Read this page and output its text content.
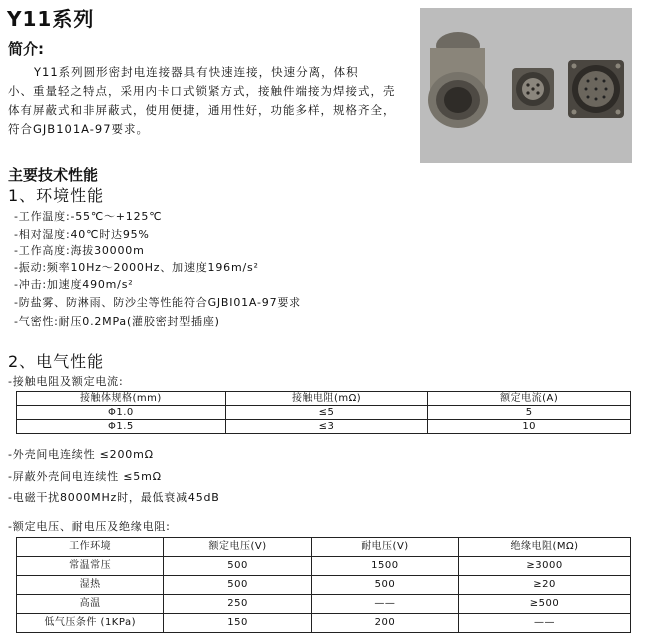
Y11系列
简介:
Y11系列圆形密封电连接器具有快速连接，快速分离，体积
小、重量轻之特点，采用内卡口式锁紧方式，接触件端接为焊接式，壳
体有屏蔽式和非屏蔽式，使用便捷，通用性好，功能多样，规格齐全，
符合GJB101A-97要求。
主要技术性能
1、环境性能
-工作温度:-55℃～+125℃
-相对湿度:40℃时达95%
-工作高度:海拔30000m
-振动:频率10Hz～2000Hz、加速度196m/s²
-冲击:加速度490m/s²
-防盐雾、防淋雨、防沙尘等性能符合GJBI01A-97要求
-气密性:耐压0.2MPa(灌胶密封型插座)
2、电气性能
-接触电阻及额定电流:
接触体规格(mm)	接触电阻(mΩ)	额定电流(A)
Φ1.0	≤5	5
Φ1.5	≤3	10
-外壳间电连续性 ≤200mΩ
-屏蔽外壳间电连续性 ≤5mΩ
-电磁干扰8000MHz时，最低衰减45dB
-额定电压、耐电压及绝缘电阻:
工作环境	额定电压(V)	耐电压(V)	绝缘电阻(MΩ)
常温常压	500	1500	≥3000
湿热	500	500	≥20
高温	250	——	≥500
低气压条件 (1KPa)	150	200	——
